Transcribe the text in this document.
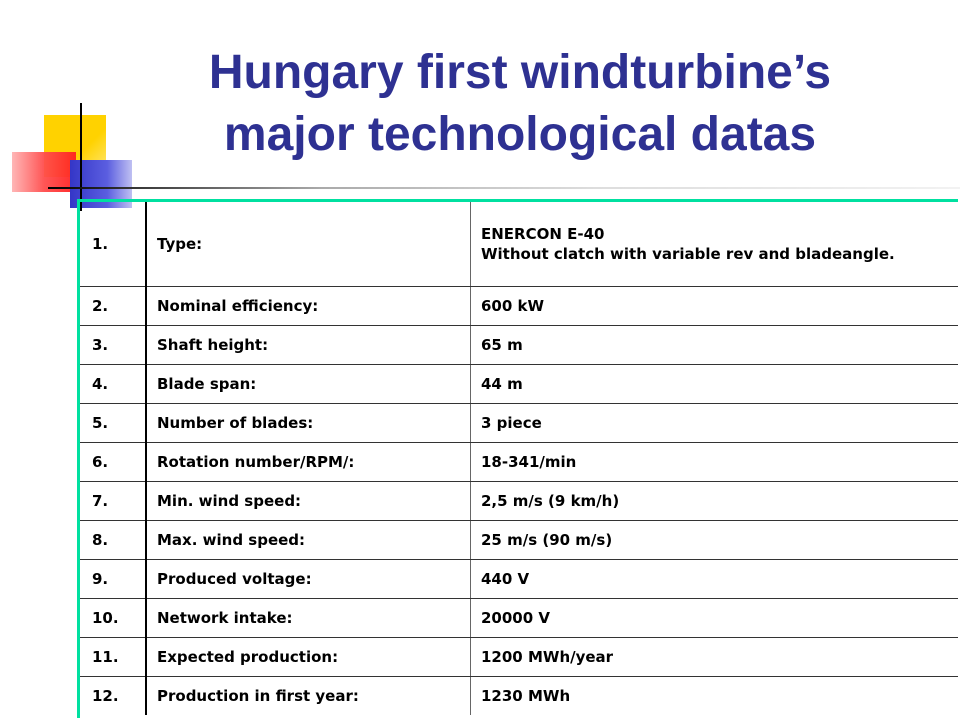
Hungary first windturbine’s
major technological datas
1.	Type:	ENERCON E-40
Without clatch with variable rev and bladeangle.

2.	Nominal efficiency:	600 kW
3.	Shaft height:	65 m
4.	Blade span:	44 m
5.	Number of blades:	3 piece
6.	Rotation number/RPM/:	18-341/min
7.	Min. wind speed:	2,5 m/s (9 km/h)
8.	Max. wind speed:	25 m/s (90 m/s)
9.	Produced voltage:	440 V
10.	Network intake:	20000 V
11.	Expected production:	1200 MWh/year
12.	Production in first year:	1230 MWh
